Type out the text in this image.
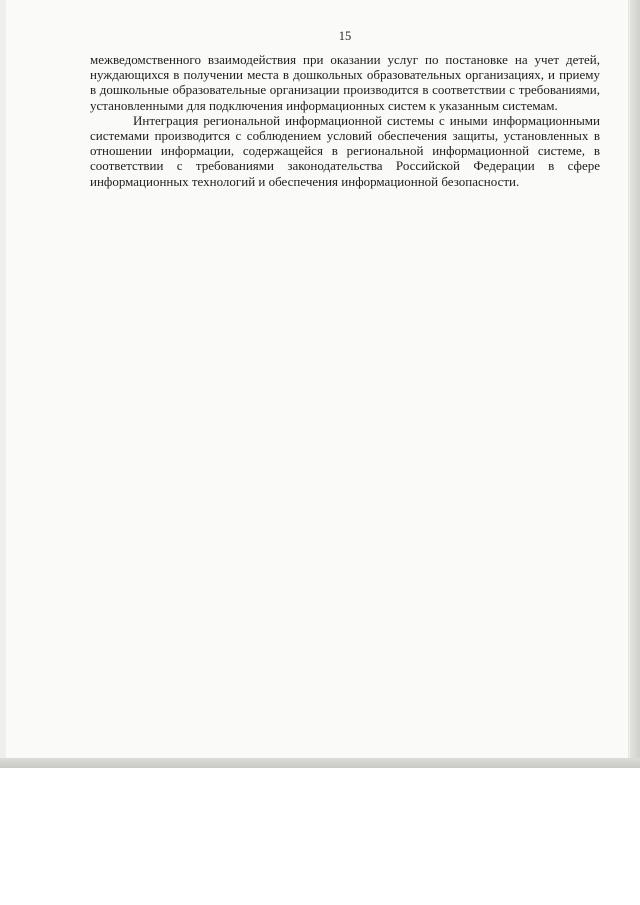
15

межведомственного взаимодействия при оказании услуг по постановке на учет детей, нуждающихся в получении места в дошкольных образовательных организациях, и приему в дошкольные образовательные организации производится в соответствии с требованиями, установленными для подключения информационных систем к указанным системам.

Интеграция региональной информационной системы с иными информационными системами производится с соблюдением условий обеспечения защиты, установленных в отношении информации, содержащейся в региональной информационной системе, в соответствии с требованиями законодательства Российской Федерации в сфере информационных технологий и обеспечения информационной безопасности.
